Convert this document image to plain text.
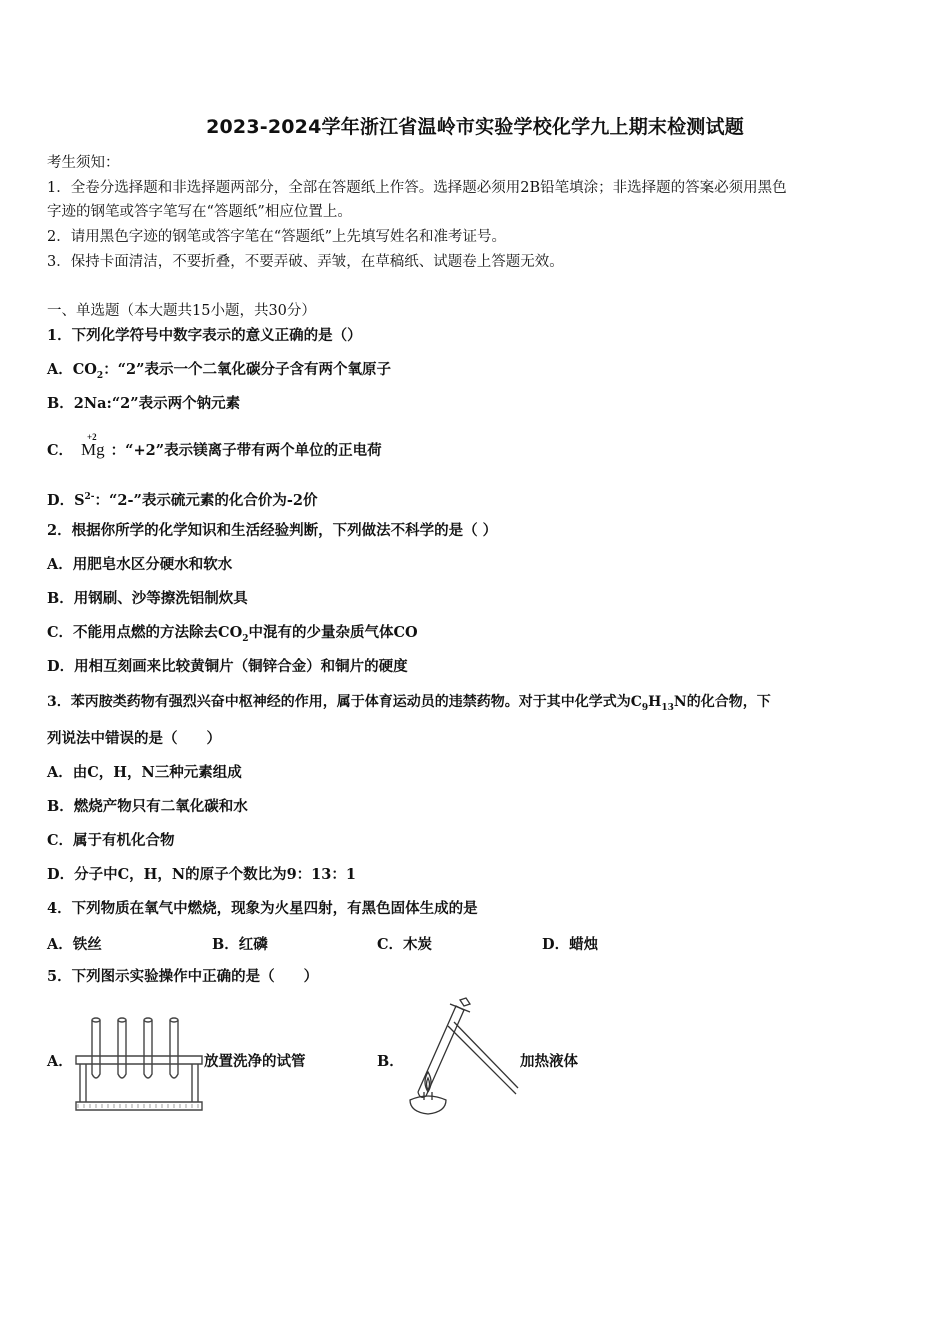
2023-2024学年浙江省温岭市实验学校化学九上期末检测试题
考生须知：
1．全卷分选择题和非选择题两部分，全部在答题纸上作答。选择题必须用2B铅笔填涂；非选择题的答案必须用黑色
字迹的钢笔或答字笔写在“答题纸”相应位置上。
2．请用黑色字迹的钢笔或答字笔在“答题纸”上先填写姓名和准考证号。
3．保持卡面清洁，不要折叠，不要弄破、弄皱，在草稿纸、试题卷上答题无效。
一、单选题（本大题共15小题，共30分）
1．下列化学符号中数字表示的意义正确的是（）
A．$CO_2$：“2”表示一个二氧化碳分子含有两个氧原子
B．2Na:“2”表示两个钠元素
C．
+2
Mg ：“+2”表示镁离子带有两个单位的正电荷
D．$S^{2-}$：“2-”表示硫元素的化合价为-2价
2．根据你所学的化学知识和生活经验判断，下列做法不科学的是（ ）
A．用肥皂水区分硬水和软水
B．用钢刷、沙等擦洗铝制炊具
C．不能用点燃的方法除去$CO_2$中混有的少量杂质气体CO
D．用相互刻画来比较黄铜片（铜锌合金）和铜片的硬度
3．苯丙胺类药物有强烈兴奋中枢神经的作用，属于体育运动员的违禁药物。对于其中化学式为$C_9H_{13}N$的化合物，下
列说法中错误的是（　　）
A．由C，H，N三种元素组成
B．燃烧产物只有二氧化碳和水
C．属于有机化合物
D．分子中C，H，N的原子个数比为9：13：1
4．下列物质在氧气中燃烧，现象为火星四射，有黑色固体生成的是
A．铁丝	B．红磷	C．木炭	D．蜡烛
5．下列图示实验操作中正确的是（　　）
A．	放置洗净的试管	B．	加热液体
